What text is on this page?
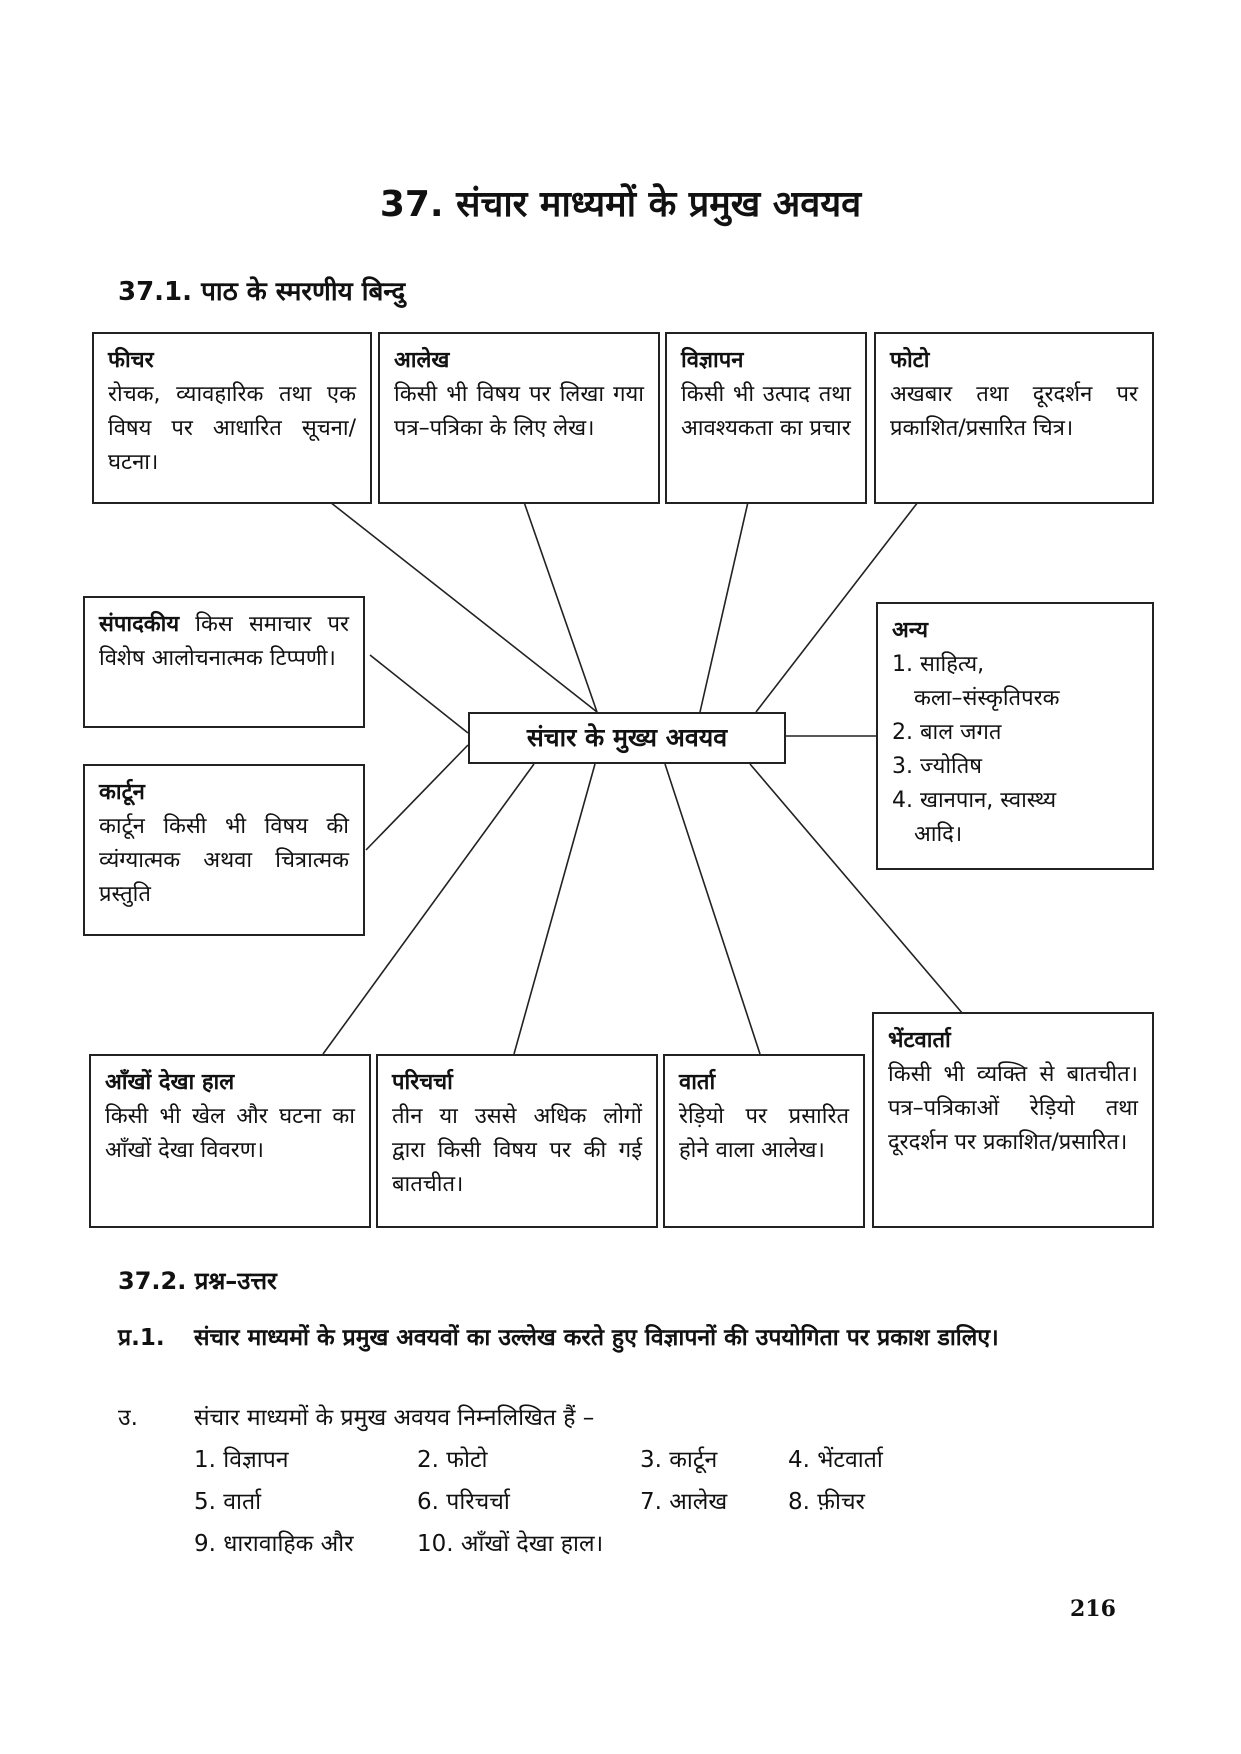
37. संचार माध्यमों के प्रमुख अवयव
37.1. पाठ के स्मरणीय बिन्दु
फीचर
रोचक, व्यावहारिक तथा एक विषय पर आधारित सूचना/घटना।
आलेख
किसी भी विषय पर लिखा गया पत्र–पत्रिका के लिए लेख।
विज्ञापन
किसी भी उत्पाद तथा आवश्यकता का प्रचार
फोटो
अखबार तथा दूरदर्शन पर प्रकाशित/प्रसारित चित्र।
संपादकीय किस समाचार पर विशेष आलोचनात्मक टिप्पणी।
कार्टून
कार्टून किसी भी विषय की व्यंग्यात्मक अथवा चित्रात्मक प्रस्तुति
संचार के मुख्य अवयव
अन्य
1. साहित्य,
कला–संस्कृतिपरक
2. बाल जगत
3. ज्योतिष
4. खानपान, स्वास्थ्य
आदि।
आँखों देखा हाल
किसी भी खेल और घटना का आँखों देखा विवरण।
परिचर्चा
तीन या उससे अधिक लोगों द्वारा किसी विषय पर की गई बातचीत।
वार्ता
रेड़ियो पर प्रसारित होने वाला आलेख।
भेंटवार्ता
किसी भी व्यक्ति से बातचीत। पत्र–पत्रिकाओं रेड़ियो तथा दूरदर्शन पर प्रकाशित/प्रसारित।
37.2. प्रश्न–उत्तर
प्र.1. संचार माध्यमों के प्रमुख अवयवों का उल्लेख करते हुए विज्ञापनों की उपयोगिता पर प्रकाश डालिए।
उ. संचार माध्यमों के प्रमुख अवयव निम्नलिखित हैं –
1. विज्ञापन	2. फोटो	3. कार्टून	4. भेंटवार्ता
5. वार्ता	6. परिचर्चा	7. आलेख	8. फ़ीचर
9. धारावाहिक और	10. आँखों देखा हाल।
216
